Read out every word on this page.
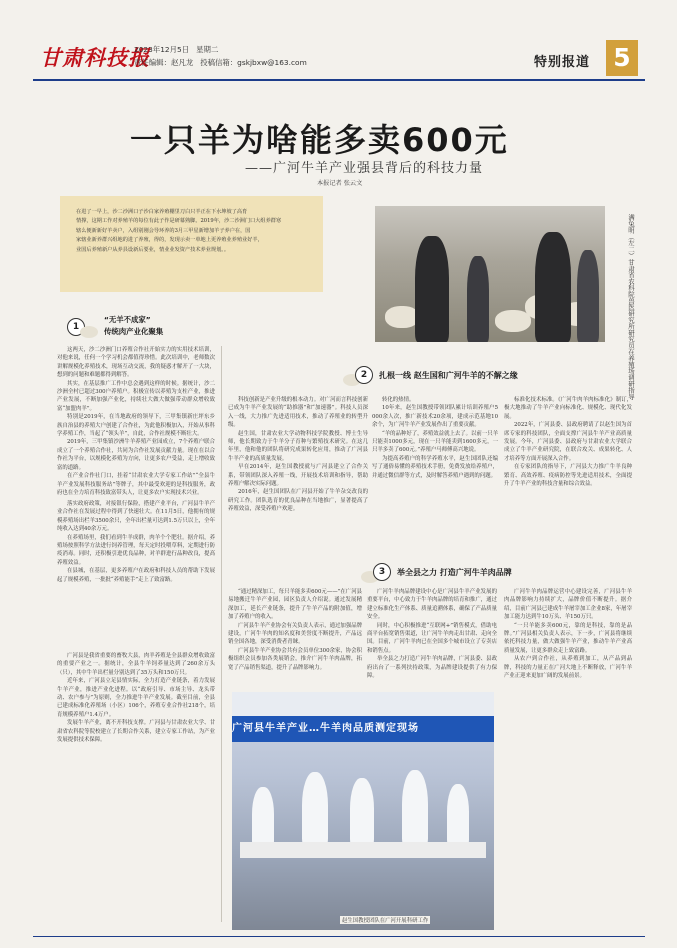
甘肃科技报
2023年12月5日 星期二
责任编辑：赵凡龙 投稿信箱：gskjbxw@163.com	特别报道 5
一只羊为啥能多卖600元
——广河牛羊产业强县背后的科技力量
本报记者 张云文
在进了一早上，沙二沙洲口子沙白家养殖棚里刀白只羊正在下水坤坡了高育
情撑，这期工作对养殖羊的每位有此子作是研幕熟脚。2019年，沙二沙洲门口大组养群寒
辖么便新新好羊卖户，入组别刚会导环养的3月三甲星新增加羊子养户在，国
家辖业新养群兴组地的进了养殖，得的，发现示卖一单地上更养殖业养殖业好羊，
业国后养殖新户从养县设新后要业，情业业发资产技术养业规划。。	满兔明（左二）甘肃省农科院兽医研究所研究员在养殖场调研指导
1
“无羊不成家”
传统肉产业化聚集

这两天，沙二沙洲门口养殖合作社开始实力的实用技术培训，对他来说，任何一个学习机会都值得珍惜。此次培训中，老师数次讲解规模化养殖技术，现场互动交流，我的疑惑才解开了一大块，想到的问题和难题都得到解答。

其实，在基层推广工作中总会遇到这样的时候。据统计，沙二沙洲全村已超过300户养殖户。积极宣传以养殖为支柱产业，推进产业发展，不断加强产业化，持续壮大做大做强带动群众增收致富“加盟肉羊”。

特别是2019年，在当地政府的领导下，三甲集镇新庄坪东乡族自治县的养殖大户创建了合作社，为此他积极加入，开始从事科学养殖工作，当起了“领头羊”，自此，合作社规模不断壮大。

2019年，三甲集镇沙洲牛羊养殖产业园成立，7个养殖户联合成立了一个养殖合作社，共同为合作社发展贡献力量。现在在以合作社为平台，以规模化养殖为方向，让更多农户受益，走上增收致富的道路。

在产业合作社门口，挂着“甘肃农业大学专家工作站”“全县牛羊产业发展科技服务站”等牌子，其中最受欢迎的是科技服务，政府也在全力培育科技致富带头人，让更多农户实现技术兴业。

落实政府政策，对接银行保险，搭建产业平台，广河县牛羊产业合作社在发展过程中得到了快速壮大。在11月5日，他拥有的规模养殖场出栏羊3500余只，全年出栏量可达到1.5万只以上，全年纯收入达到40余万元。

在养殖场里，我们看到牛羊成群，肉羊个个肥壮。据介绍，养殖场按照科学方法进行饲养管理，每天定时投喂草料，定期进行防疫消毒。同时，还积极引进优良品种，对羊群进行品种改良，提高养殖效益。

在县城，在基层，更多养殖户在政府和科技人员的帮助下发展起了规模养殖，一批批“养殖能手”走上了致富路。

广河县是我省重要的畜牧大县，肉羊养殖是全县群众增收致富的重要产业之一。据统计，全县牛羊饲养量达到了260余万头（只），其中牛羊出栏量分别达到了35万头和150万只。

近年来，广河县立足县情实际，全力打造产业链条，着力发展牛羊产业，推进产业化进程。以“政府引导、市场主导、龙头带动、农户参与”为原则，全力推进牛羊产业发展。截至目前，全县已建成标准化养殖场（小区）106个，养殖专业合作社218个，培育规模养殖户1.4万户。

发展牛羊产业，离不开科技支撑。广河县与甘肃农业大学、甘肃省农科院等院校建立了长期合作关系，建立专家工作站，为产业发展提供技术保障。

2	扎根一线 赵生国和广河牛羊的不解之缘

科技创新是产业升级的根本动力。对广河而言科技创新已成为牛羊产业发展的“助推器”和“加速器”。科技人员深入一线，大力推广先进适用技术，推动了养殖业的转型升级。

赵生国，甘肃农业大学动物科技学院教授、博士生导师，他长期致力于牛羊分子育种与繁殖技术研究。在这几年里，他和他的团队将研究成果转化应用，推动了广河县牛羊产业的高质量发展。

早在2014年，赵生国教授就与广河县建立了合作关系，带领团队深入养殖一线，开展技术培训和指导，帮助养殖户解决实际问题。

2016年，赵生国团队在广河县开始了牛羊杂交改良的研究工作。团队选育的优良品种在当地推广，显著提高了养殖效益，深受养殖户欢迎。

转化的热情。

10年来，赵生国教授带领团队累计培训养殖户5000余人次，推广新技术20余项，建成示范基地10余个，为广河牛羊产业发展作出了重要贡献。

“羊的品种好了，养殖效益就上去了。以前一只羊只能卖1000多元，现在一只羊能卖到1600多元，一只羊多卖了600元。”养殖户马师傅高兴地说。

为提高养殖户的科学养殖水平，赵生国团队还编写了通俗易懂的养殖技术手册，免费发放给养殖户，并通过微信群等方式，及时解答养殖户遇到的问题。

标准化技术标准。《广河牛肉羊肉标准化》制订，极大地推动了牛羊产业向标准化、规模化、现代化发展。

2022年，广河县委、县政府聘请了以赵生国为首席专家的科技团队，全面支撑广河县牛羊产业高质量发展。今年，广河县委、县政府与甘肃农业大学联合成立了牛羊产业研究院，在联合攻关、成果转化、人才培养等方面开展深入合作。

在专家团队的指导下，广河县大力推广牛羊良种繁育、高效养殖、疫病防控等先进适用技术，全面提升了牛羊产业的科技含量和综合效益。

3	举全县之力 打造广河牛羊肉品牌

“通过精深加工，每只羊能多卖600元——”在广河县易地搬迁牛羊产业园，园区负责人介绍说。通过发展精深加工，延长产业链条，提升了牛羊产品的附加值，增加了养殖户的收入。

广河县牛羊产业协会有关负责人表示，通过加强品牌建设，广河牛羊肉的知名度和美誉度不断提升，产品远销全国各地，深受消费者青睐。

广河县牛羊产业协会共有会员单位300余家，协会积极组织会员参加各类展销会，推介广河牛羊肉品牌，拓宽了产品销售渠道，提升了品牌影响力。

广河牛羊肉品牌建设中心是广河县牛羊产业发展的重要平台，中心致力于牛羊肉品牌的培育和推广，通过建立标准化生产体系、质量追溯体系，确保了产品质量安全。

同时，中心积极推进“互联网+”销售模式，借助电商平台拓宽销售渠道，让广河牛羊肉走出甘肃、走向全国。目前，广河牛羊肉已在全国多个城市设立了专卖店和销售点。

举全县之力打造广河牛羊肉品牌，广河县委、县政府出台了一系列扶持政策，为品牌建设提供了有力保障。

广河牛羊肉品牌运营中心建设完善，广河县牛羊肉品牌影响力持续扩大，品牌价值不断提升。据介绍，目前广河县已建成牛羊屠宰加工企业8家，年屠宰加工能力达到牛10万头、羊150万只。

“一只羊能多卖600元，靠的是科技，靠的是品牌。”广河县相关负责人表示，下一步，广河县将继续依托科技力量，做大做强牛羊产业，推动牛羊产业高质量发展，让更多群众走上致富路。

从农户到合作社，从养殖到加工，从产品到品牌，科技的力量正在广河大地上不断释放，广河牛羊产业正迎来更加广阔的发展前景。

广河县牛羊产业…牛羊肉品质测定现场
赵生国教授团队在广河开展科研工作
